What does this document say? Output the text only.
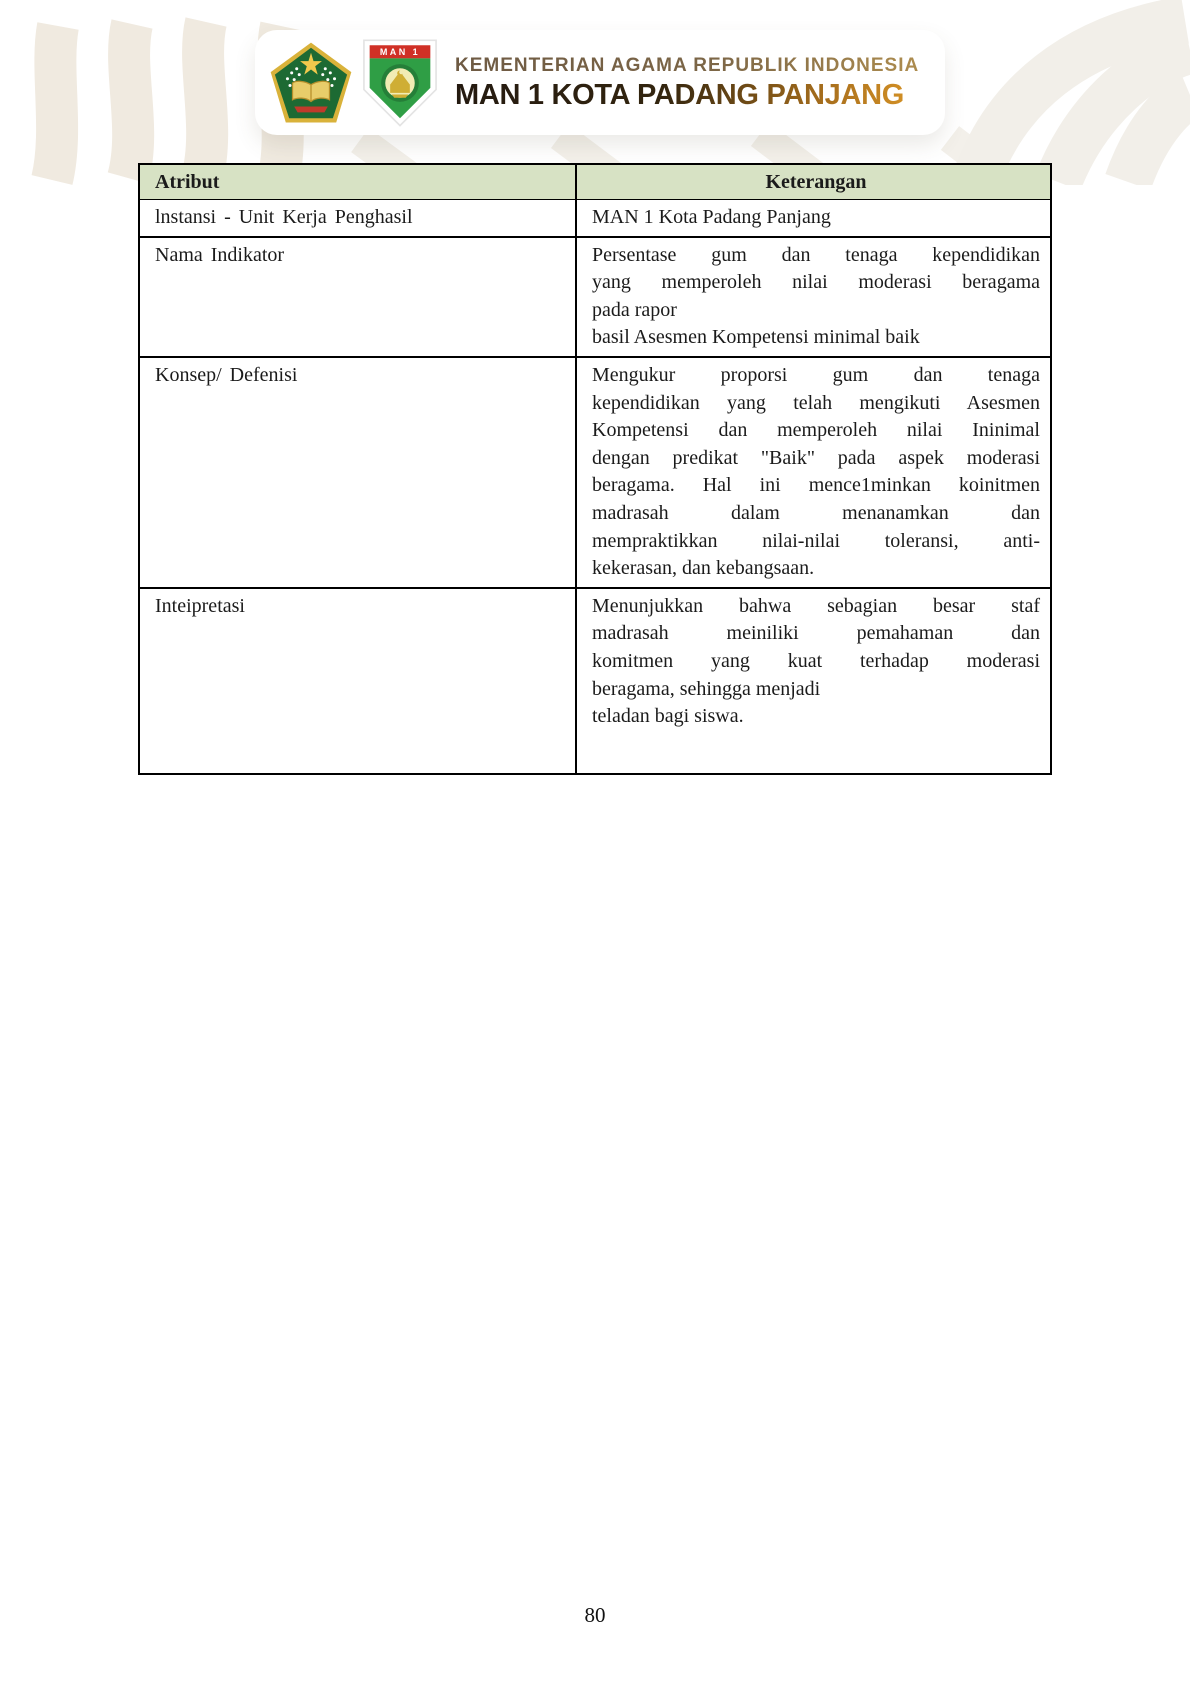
MAN 1
KEMENTERIAN AGAMA REPUBLIK INDONESIA
MAN 1 KOTA PADANG PANJANG
Atribut	Keterangan
lnstansi - Unit Kerja Penghasil	MAN 1 Kota Padang Panjang
Nama Indikator	Persentase gum dan tenaga kependidikan
yang memperoleh nilai moderasi beragama
pada rapor
basil Asesmen Kompetensi minimal baik
Konsep/ Defenisi	Mengukur proporsi gum dan tenaga
kependidikan yang telah mengikuti Asesmen
Kompetensi dan memperoleh nilai Ininimal
dengan predikat "Baik" pada aspek moderasi
beragama. Hal ini mence1minkan koinitmen
madrasah dalam menanamkan dan
mempraktikkan nilai-nilai toleransi, anti-
kekerasan, dan kebangsaan.
Inteipretasi	Menunjukkan bahwa sebagian besar staf
madrasah meiniliki pemahaman dan
komitmen yang kuat terhadap moderasi
beragama, sehingga menjadi
teladan bagi siswa.
80
